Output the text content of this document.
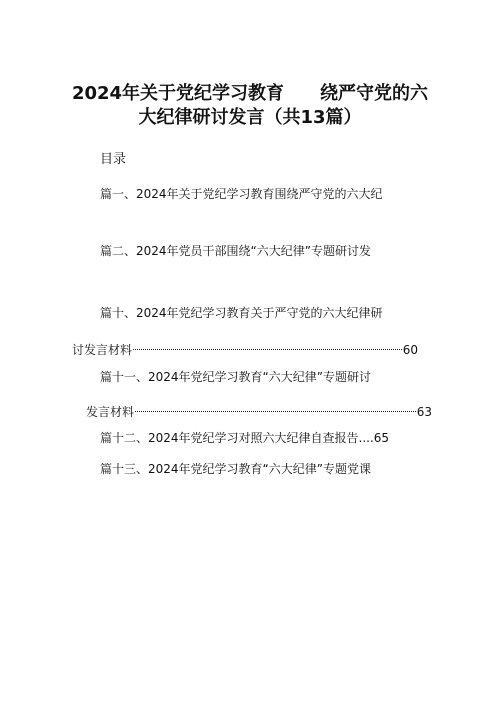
2024年关于党纪学习教育 绕严守党的六
大纪律研讨发言（共13篇）
目录
篇一、2024年关于党纪学习教育围绕严守党的六大纪
篇二、2024年党员干部围绕“六大纪律”专题研讨发
篇十、2024年党纪学习教育关于严守党的六大纪律研
讨发言材料	60
篇十一、2024年党纪学习教育“六大纪律”专题研讨
发言材料	63
篇十二、2024年党纪学习对照六大纪律自查报告....65
篇十三、2024年党纪学习教育“六大纪律”专题党课
